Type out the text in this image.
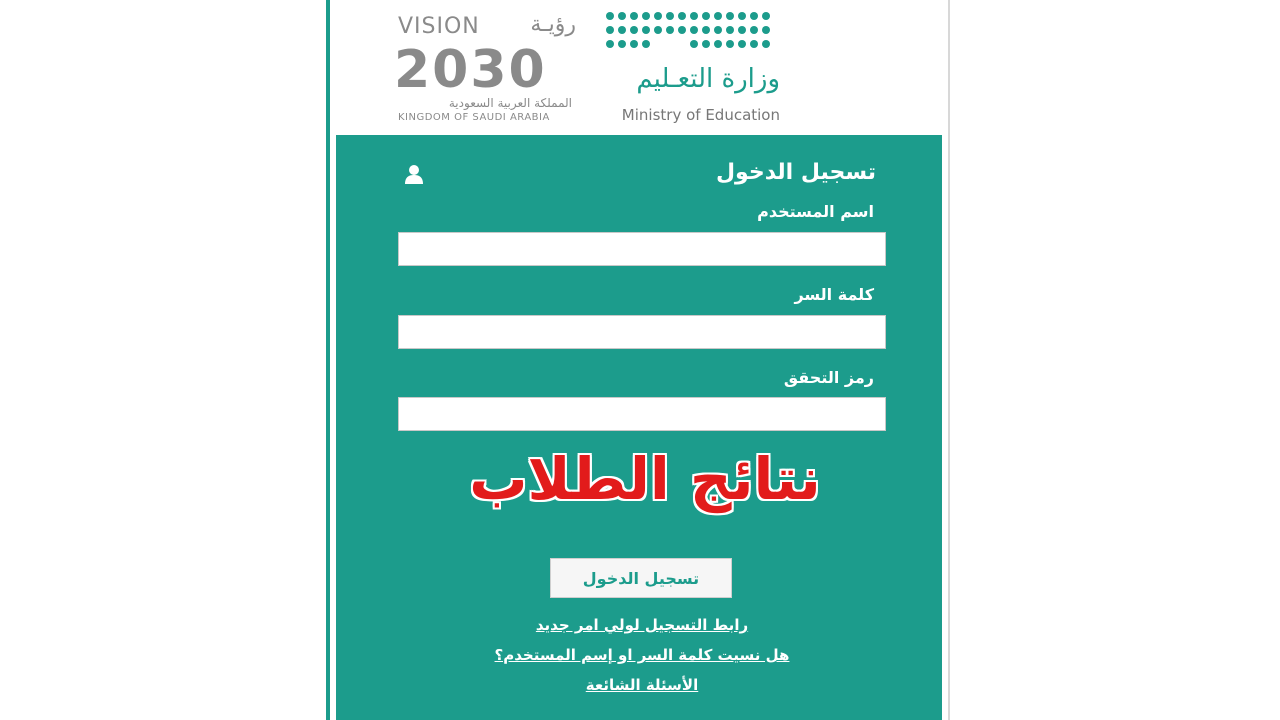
VISION رؤيـة
2030
المملكة العربية السعودية
KINGDOM OF SAUDI ARABIA
وزارة التعـليم
Ministry of Education
تسجيل الدخول
اسم المستخدم
كلمة السر
رمز التحقق
نتائج الطلاب
تسجيل الدخول
رابط التسجيل لولي امر جديد
هل نسيت كلمة السر او إسم المستخدم؟
الأسئلة الشائعة
